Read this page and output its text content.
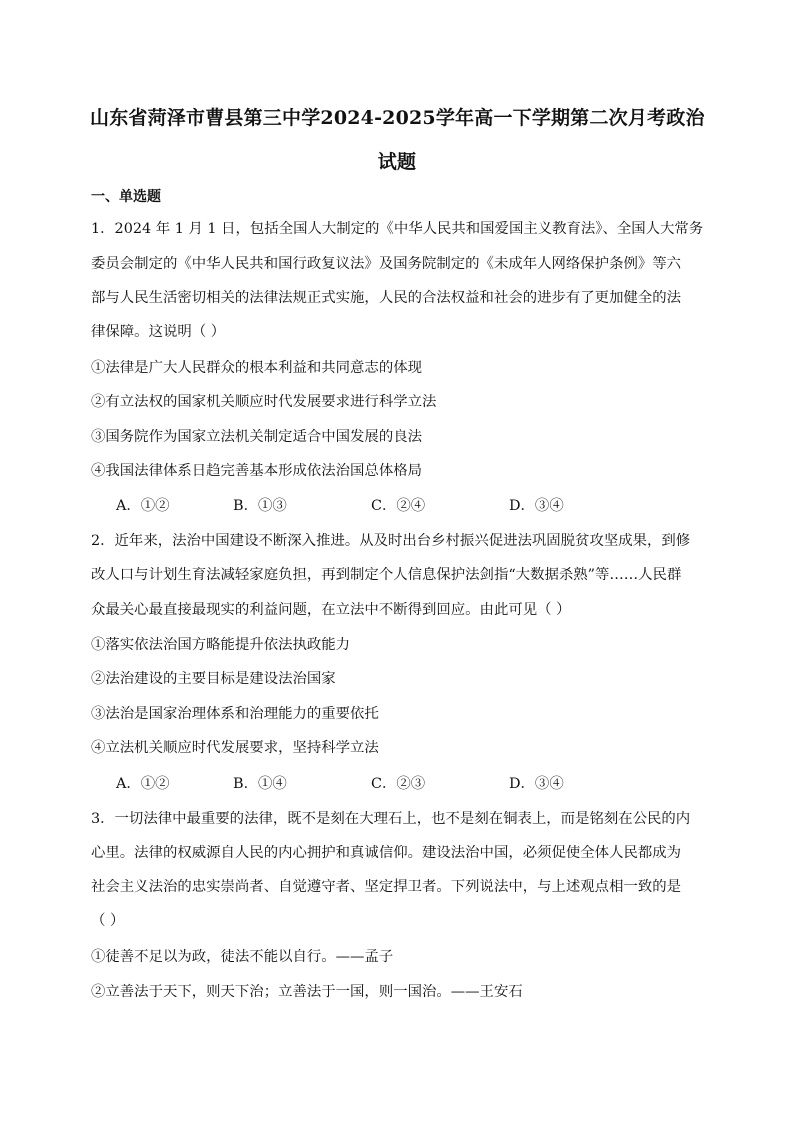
山东省菏泽市曹县第三中学2024-2025学年高一下学期第二次月考政治
试题
一、单选题
1．2024 年 1 月 1 日，包括全国人大制定的《中华人民共和国爱国主义教育法》、全国人大常务
委员会制定的《中华人民共和国行政复议法》及国务院制定的《未成年人网络保护条例》等六
部与人民生活密切相关的法律法规正式实施，人民的合法权益和社会的进步有了更加健全的法
律保障。这说明（ ）
①法律是广大人民群众的根本利益和共同意志的体现
②有立法权的国家机关顺应时代发展要求进行科学立法
③国务院作为国家立法机关制定适合中国发展的良法
④我国法律体系日趋完善基本形成依法治国总体格局
A．①②	B．①③	C．②④	D．③④
2．近年来，法治中国建设不断深入推进。从及时出台乡村振兴促进法巩固脱贫攻坚成果，到修
改人口与计划生育法减轻家庭负担，再到制定个人信息保护法剑指“大数据杀熟”等……人民群
众最关心最直接最现实的利益问题，在立法中不断得到回应。由此可见（ ）
①落实依法治国方略能提升依法执政能力
②法治建设的主要目标是建设法治国家
③法治是国家治理体系和治理能力的重要依托
④立法机关顺应时代发展要求，坚持科学立法
A．①②	B．①④	C．②③	D．③④
3．一切法律中最重要的法律，既不是刻在大理石上，也不是刻在铜表上，而是铭刻在公民的内
心里。法律的权威源自人民的内心拥护和真诚信仰。建设法治中国，必须促使全体人民都成为
社会主义法治的忠实崇尚者、自觉遵守者、坚定捍卫者。下列说法中，与上述观点相一致的是
（ ）
①徒善不足以为政，徒法不能以自行。——孟子
②立善法于天下，则天下治；立善法于一国，则一国治。——王安石
